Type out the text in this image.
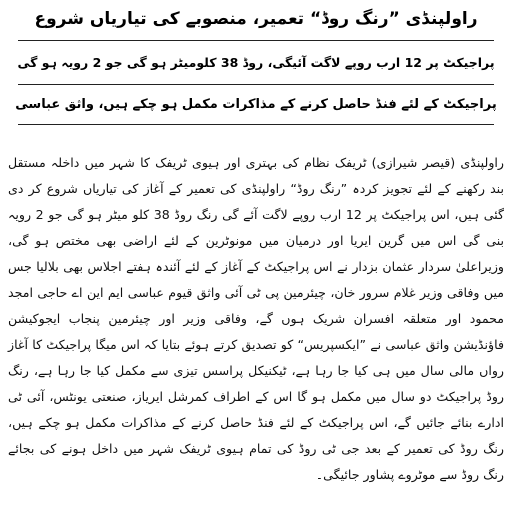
راولپنڈی ”رنگ روڈ“ تعمیر، منصوبے کی تیاریاں شروع
پراجیکٹ پر 12 ارب روپے لاگت آئیگی، روڈ 38 کلومیٹر ہو گی جو 2 رویہ ہو گی
پراجیکٹ کے لئے فنڈ حاصل کرنے کے مذاکرات مکمل ہو چکے ہیں، واثق عباسی
راولپنڈی (قیصر شیرازی) ٹریفک نظام کی بہتری اور ہیوی ٹریفک کا شہر میں داخلہ مستقل بند رکھنے کے لئے تجویز کردہ ”رنگ روڈ“ راولپنڈی کی تعمیر کے آغاز کی تیاریاں شروع کر دی گئی ہیں، اس پراجیکٹ پر 12 ارب روپے لاگت آئے گی رنگ روڈ 38 کلو میٹر ہو گی جو 2 رویہ بنی گی اس میں گرین ایریا اور درمیان میں مونوٹرین کے لئے اراضی بھی مختص ہو گی، وزیراعلیٰ سردار عثمان بزدار نے اس پراجیکٹ کے آغاز کے لئے آئندہ ہفتے اجلاس بھی بلالیا جس میں وفاقی وزیر غلام سرور خان، چیئرمین پی ٹی آئی واثق قیوم عباسی ایم این اے حاجی امجد محمود اور متعلقہ افسران شریک ہوں گے، وفاقی وزیر اور چیئرمین پنجاب ایجوکیشن فاؤنڈیشن واثق عباسی نے ”ایکسپریس“ کو تصدیق کرتے ہوئے بتایا کہ اس میگا پراجیکٹ کا آغاز رواں مالی سال میں ہی کیا جا رہا ہے، ٹیکنیکل پراسس تیزی سے مکمل کیا جا رہا ہے، رنگ روڈ پراجیکٹ دو سال میں مکمل ہو گا اس کے اطراف کمرشل ایریاز، صنعتی یونٹس، آئی ٹی ادارے بنائے جائیں گے، اس پراجیکٹ کے لئے فنڈ حاصل کرنے کے مذاکرات مکمل ہو چکے ہیں، رنگ روڈ کی تعمیر کے بعد جی ٹی روڈ کی تمام ہیوی ٹریفک شہر میں داخل ہونے کی بجائے رنگ روڈ سے موٹروے پشاور جائیگی۔
